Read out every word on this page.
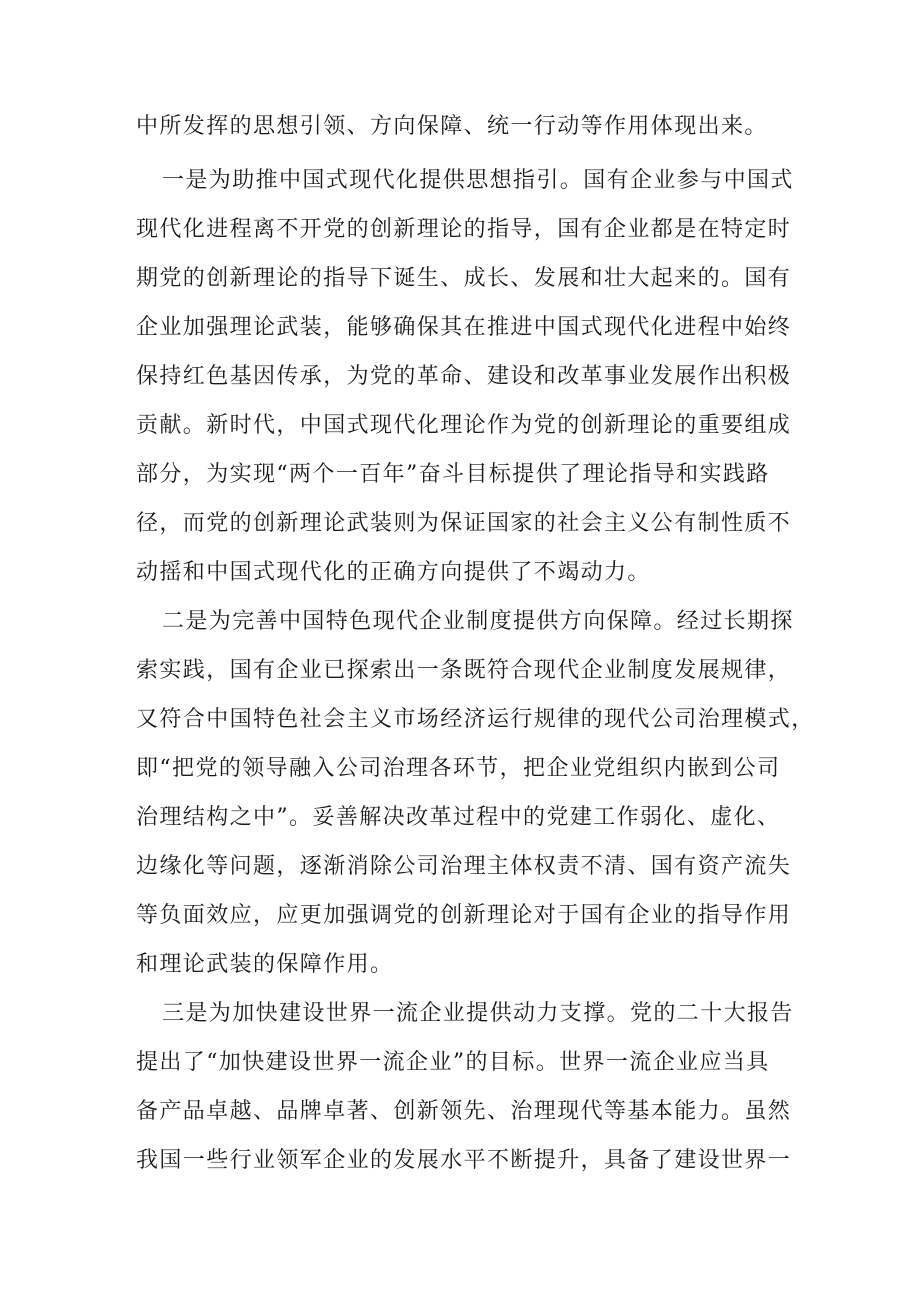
中所发挥的思想引领、方向保障、统一行动等作用体现出来。
一是为助推中国式现代化提供思想指引。国有企业参与中国式
现代化进程离不开党的创新理论的指导，国有企业都是在特定时
期党的创新理论的指导下诞生、成长、发展和壮大起来的。国有
企业加强理论武装，能够确保其在推进中国式现代化进程中始终
保持红色基因传承，为党的革命、建设和改革事业发展作出积极
贡献。新时代，中国式现代化理论作为党的创新理论的重要组成
部分，为实现“两个一百年”奋斗目标提供了理论指导和实践路
径，而党的创新理论武装则为保证国家的社会主义公有制性质不
动摇和中国式现代化的正确方向提供了不竭动力。
二是为完善中国特色现代企业制度提供方向保障。经过长期探
索实践，国有企业已探索出一条既符合现代企业制度发展规律，
又符合中国特色社会主义市场经济运行规律的现代公司治理模式，
即“把党的领导融入公司治理各环节，把企业党组织内嵌到公司
治理结构之中”。妥善解决改革过程中的党建工作弱化、虚化、
边缘化等问题，逐渐消除公司治理主体权责不清、国有资产流失
等负面效应，应更加强调党的创新理论对于国有企业的指导作用
和理论武装的保障作用。
三是为加快建设世界一流企业提供动力支撑。党的二十大报告
提出了“加快建设世界一流企业”的目标。世界一流企业应当具
备产品卓越、品牌卓著、创新领先、治理现代等基本能力。虽然
我国一些行业领军企业的发展水平不断提升，具备了建设世界一
